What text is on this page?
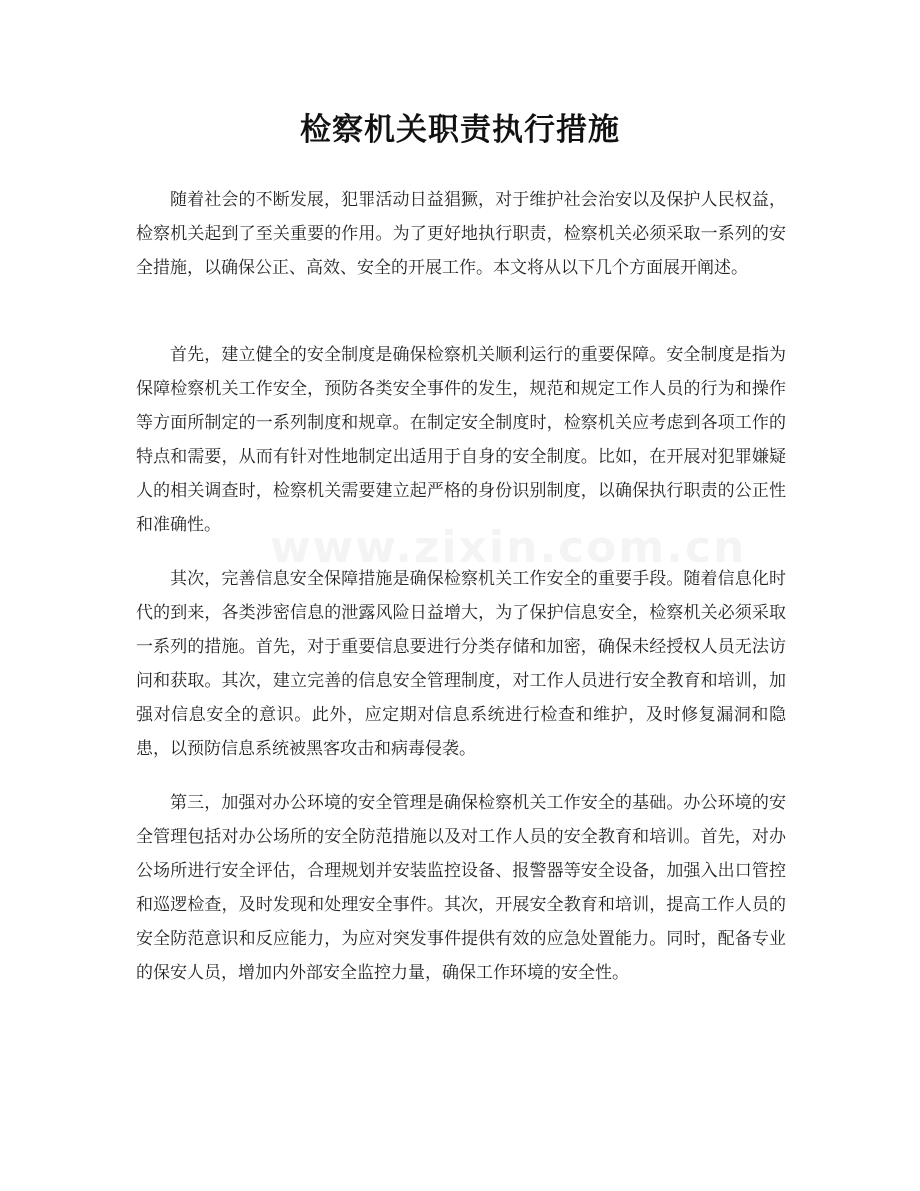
检察机关职责执行措施

随着社会的不断发展，犯罪活动日益猖獗，对于维护社会治安以及保护人民权益，检察机关起到了至关重要的作用。为了更好地执行职责，检察机关必须采取一系列的安全措施，以确保公正、高效、安全的开展工作。本文将从以下几个方面展开阐述。

首先，建立健全的安全制度是确保检察机关顺利运行的重要保障。安全制度是指为保障检察机关工作安全，预防各类安全事件的发生，规范和规定工作人员的行为和操作等方面所制定的一系列制度和规章。在制定安全制度时，检察机关应考虑到各项工作的特点和需要，从而有针对性地制定出适用于自身的安全制度。比如，在开展对犯罪嫌疑人的相关调查时，检察机关需要建立起严格的身份识别制度，以确保执行职责的公正性和准确性。

其次，完善信息安全保障措施是确保检察机关工作安全的重要手段。随着信息化时代的到来，各类涉密信息的泄露风险日益增大，为了保护信息安全，检察机关必须采取一系列的措施。首先，对于重要信息要进行分类存储和加密，确保未经授权人员无法访问和获取。其次，建立完善的信息安全管理制度，对工作人员进行安全教育和培训，加强对信息安全的意识。此外，应定期对信息系统进行检查和维护，及时修复漏洞和隐患，以预防信息系统被黑客攻击和病毒侵袭。

第三，加强对办公环境的安全管理是确保检察机关工作安全的基础。办公环境的安全管理包括对办公场所的安全防范措施以及对工作人员的安全教育和培训。首先，对办公场所进行安全评估，合理规划并安装监控设备、报警器等安全设备，加强入出口管控和巡逻检查，及时发现和处理安全事件。其次，开展安全教育和培训，提高工作人员的安全防范意识和反应能力，为应对突发事件提供有效的应急处置能力。同时，配备专业的保安人员，增加内外部安全监控力量，确保工作环境的安全性。
